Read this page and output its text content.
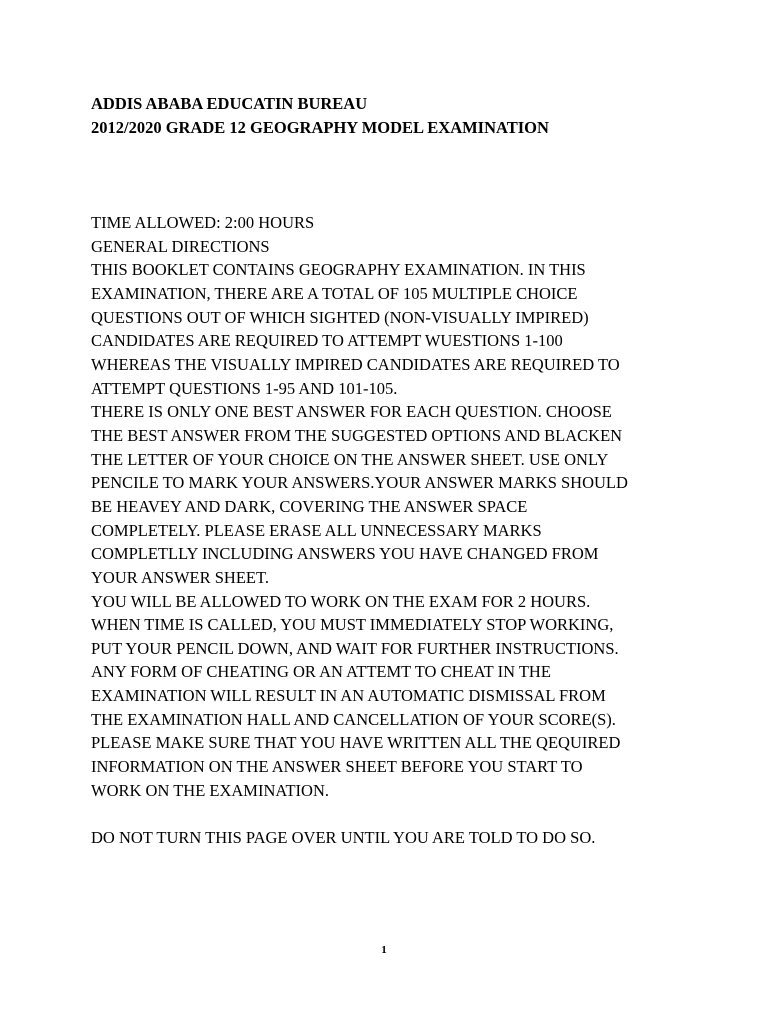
ADDIS ABABA EDUCATIN BUREAU
2012/2020 GRADE 12 GEOGRAPHY MODEL EXAMINATION
TIME ALLOWED: 2:00 HOURS
GENERAL DIRECTIONS
THIS BOOKLET CONTAINS GEOGRAPHY EXAMINATION. IN THIS
EXAMINATION, THERE ARE A TOTAL OF 105 MULTIPLE CHOICE
QUESTIONS OUT OF WHICH SIGHTED (NON-VISUALLY IMPIRED)
CANDIDATES ARE REQUIRED TO ATTEMPT WUESTIONS 1-100
WHEREAS THE VISUALLY IMPIRED CANDIDATES ARE REQUIRED TO
ATTEMPT QUESTIONS 1-95 AND 101-105.
THERE IS ONLY ONE BEST ANSWER FOR EACH QUESTION. CHOOSE
THE BEST ANSWER FROM THE SUGGESTED OPTIONS AND BLACKEN
THE LETTER OF YOUR CHOICE ON THE ANSWER SHEET. USE ONLY
PENCILE TO MARK YOUR ANSWERS.YOUR ANSWER MARKS SHOULD
BE HEAVEY AND DARK, COVERING THE ANSWER SPACE
COMPLETELY. PLEASE ERASE ALL UNNECESSARY MARKS
COMPLETLLY INCLUDING ANSWERS YOU HAVE CHANGED FROM
YOUR ANSWER SHEET.
YOU WILL BE ALLOWED TO WORK ON THE EXAM FOR 2 HOURS.
WHEN TIME IS CALLED, YOU MUST IMMEDIATELY STOP WORKING,
PUT YOUR PENCIL DOWN, AND WAIT FOR FURTHER INSTRUCTIONS.
ANY FORM OF CHEATING OR AN ATTEMT TO CHEAT IN THE
EXAMINATION WILL RESULT IN AN AUTOMATIC DISMISSAL FROM
THE EXAMINATION HALL AND CANCELLATION OF YOUR SCORE(S).
PLEASE MAKE SURE THAT YOU HAVE WRITTEN ALL THE QEQUIRED
INFORMATION ON THE ANSWER SHEET BEFORE YOU START TO
WORK ON THE EXAMINATION.
DO NOT TURN THIS PAGE OVER UNTIL YOU ARE TOLD TO DO SO.
1
